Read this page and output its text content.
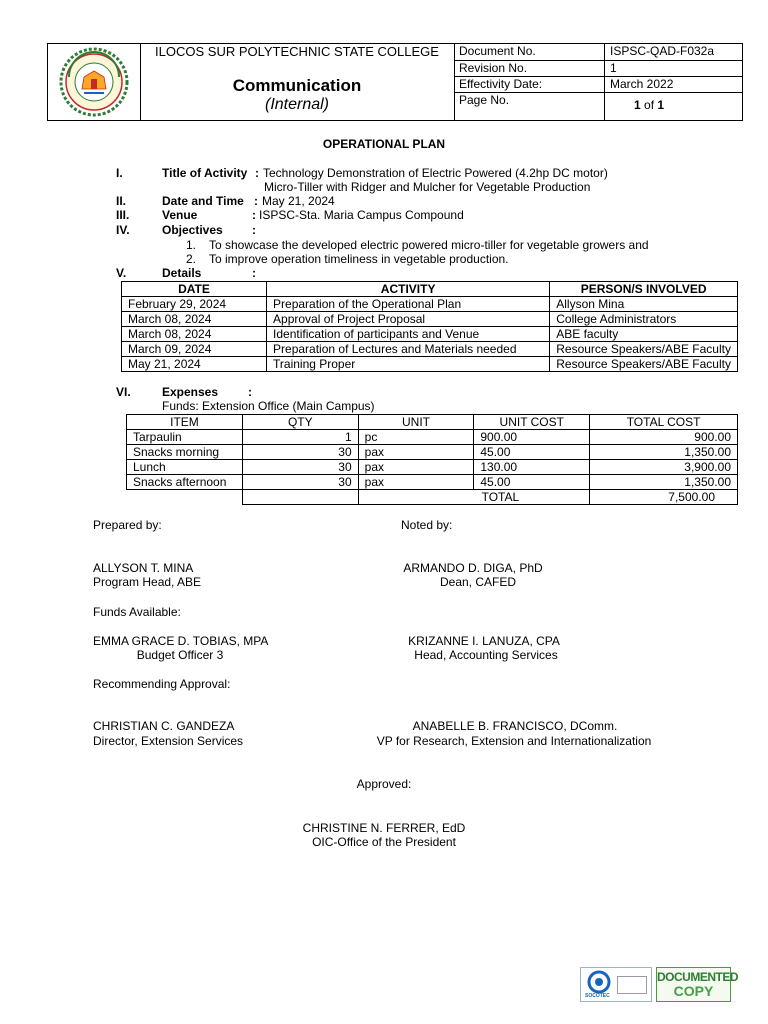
ILOCOS SUR POLYTECHNIC STATE COLLEGE
Communication
(Internal)
Document No.	ISPSC-QAD-F032a
Revision No.	1
Effectivity Date:	March 2022
Page No.	1 of 1
OPERATIONAL PLAN
I.	Title of Activity : Technology Demonstration of Electric Powered (4.2hp DC motor)
Micro-Tiller with Ridger and Mulcher for Vegetable Production
II.	Date and Time : May 21, 2024
III.	Venue	: ISPSC-Sta. Maria Campus Compound
IV.	Objectives :
1. To showcase the developed electric powered micro-tiller for vegetable growers and
2. To improve operation timeliness in vegetable production.
V.	Details	:
DATE	ACTIVITY	PERSON/S INVOLVED
February 29, 2024	Preparation of the Operational Plan	Allyson Mina
March 08, 2024	Approval of Project Proposal	College Administrators
March 08, 2024	Identification of participants and Venue	ABE faculty
March 09, 2024	Preparation of Lectures and Materials needed	Resource Speakers/ABE Faculty
May 21, 2024	Training Proper	Resource Speakers/ABE Faculty
VI.	Expenses :
Funds: Extension Office (Main Campus)
ITEM	QTY	UNIT	UNIT COST	TOTAL COST
Tarpaulin	1	pc	900.00	900.00
Snacks morning	30	pax	45.00	1,350.00
Lunch	30	pax	130.00	3,900.00
Snacks afternoon	30	pax	45.00	1,350.00
		TOTAL		7,500.00
Prepared by:	Noted by:
ALLYSON T. MINA
Program Head, ABE
ARMANDO D. DIGA, PhD
Dean, CAFED
Funds Available:
EMMA GRACE D. TOBIAS, MPA
Budget Officer 3
KRIZANNE I. LANUZA, CPA
Head, Accounting Services
Recommending Approval:
CHRISTIAN C. GANDEZA
Director, Extension Services
ANABELLE B. FRANCISCO, DComm.
VP for Research, Extension and Internationalization
Approved:
CHRISTINE N. FERRER, EdD
OIC-Office of the President
SOCOTEC
DOCUMENTED
COPY
